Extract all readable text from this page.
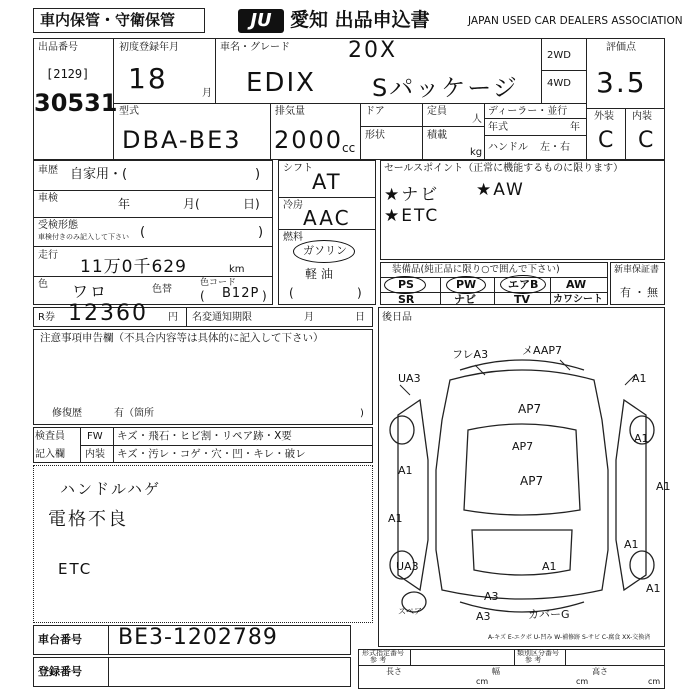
車内保管・守衛保管	JU 愛知 出品申込書	JAPAN USED CAR DEALERS ASSOCIATION
出品番号
[2129]
30531
初度登録年月
18	月
車名・グレード	20X
EDIX Sパッケージ
2WD
4WD
評価点
3.5
外装 内装
C C
型式
DBA-BE3
排気量
2000
cc
ドア	定員
人
形状	積載
kg
ディーラー・並行
年式	年
ハンドル 左・右
車歴 自家用・(	)
車検	年	月(	日)
受検形態
車検付きのみ記入して下さい (	)
走行
11万0千629	km
色 ワロ	色替
色コード
( B12P )
シフト
AT
冷房
AAC
燃料
ガソリン
軽 油
(	)
セールスポイント（正常に機能するものに限ります）
★ナビ ★AW
★ETC
装備品(純正品に限り○で囲んで下さい)
PS	PW	エアB	AW
SR	ナビ	TV カワシート
新車保証書
有 ・ 無
R券 12360 円 名変通知期限	月	日
注意事項申告欄（不具合内容等は具体的に記入して下さい）
修復歴	有（箇所	)
検査員
記入欄
FW キズ・飛石・ヒビ割・リペア跡・X要
内装 キズ・汚レ・コゲ・穴・凹・キレ・破レ
ハンドルハゲ
電格不良
ETC
後日品
UA3
フレA3	メAAP7
AP7
A1
AP7
A1
A1
A1
A1
UA3	A1
A1
A3
A1
A3	カバーG
AP7
スペア
A-キズ E-エクボ U-凹み W-補修跡 S-サビ C-腐食 XX-交換済
車台番号 BE3-1202789
登録番号
形式指定番号
参 考
類別区分番号
参 考
長さ
cm
幅
cm
高さ
cm
